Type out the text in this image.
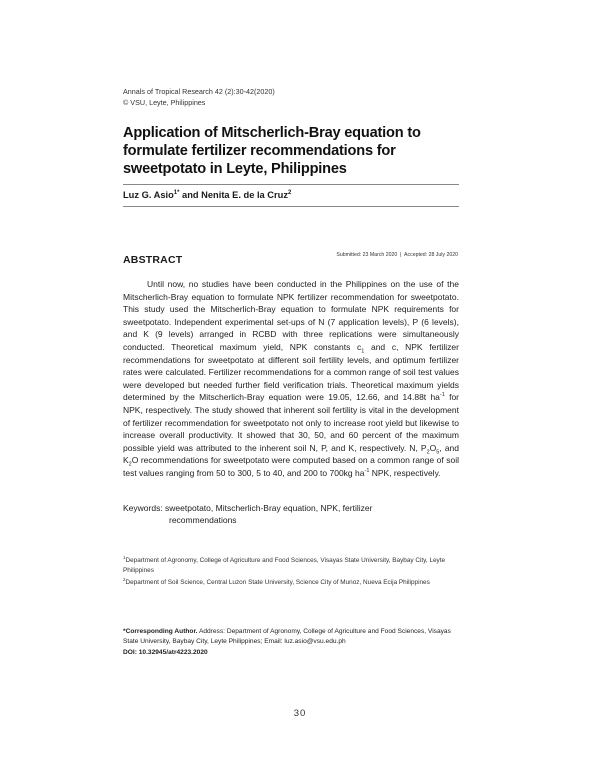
Annals of Tropical Research 42 (2):30-42(2020)
© VSU, Leyte, Philippines
Application of Mitscherlich-Bray equation to formulate fertilizer recommendations for sweetpotato in Leyte, Philippines
Luz G. Asio$^{1*}$ and Nenita E. de la Cruz$^2$
ABSTRACT	Submitted: 23 March 2020  |  Accepted: 28 July 2020
Until now, no studies have been conducted in the Philippines on the use of the Mitscherlich-Bray equation to formulate NPK fertilizer recommendation for sweetpotato. This study used the Mitscherlich-Bray equation to formulate NPK requirements for sweetpotato. Independent experimental set-ups of N (7 application levels), P (6 levels), and K (9 levels) arranged in RCBD with three replications were simultaneously conducted. Theoretical maximum yield, NPK constants $c_1$ and c, NPK fertilizer recommendations for sweetpotato at different soil fertility levels, and optimum fertilizer rates were calculated. Fertilizer recommendations for a common range of soil test values were developed but needed further field verification trials. Theoretical maximum yields determined by the Mitscherlich-Bray equation were 19.05, 12.66, and 14.88t $ha^{-1}$ for NPK, respectively. The study showed that inherent soil fertility is vital in the development of fertilizer recommendation for sweetpotato not only to increase root yield but likewise to increase overall productivity. It showed that 30, 50, and 60 percent of the maximum possible yield was attributed to the inherent soil N, P, and K, respectively. N, $P_2O_5$, and $K_2O$ recommendations for sweetpotato were computed based on a common range of soil test values ranging from 50 to 300, 5 to 40, and 200 to 700kg $ha^{-1}$ NPK, respectively.
Keywords: sweetpotato, Mitscherlich-Bray equation, NPK, fertilizer
recommendations

$^1$Department of Agronomy, College of Agriculture and Food Sciences, Visayas State University, Baybay City, Leyte Philippines

$^2$Department of Soil Science, Central Luzon State University, Science City of Munoz, Nueva Ecija Philippines

*Corresponding Author. Address: Department of Agronomy, College of Agriculture and Food Sciences, Visayas State University, Baybay City, Leyte Philippines; Email: luz.asio@vsu.edu.ph

DOI: 10.32945/atr4223.2020

30
